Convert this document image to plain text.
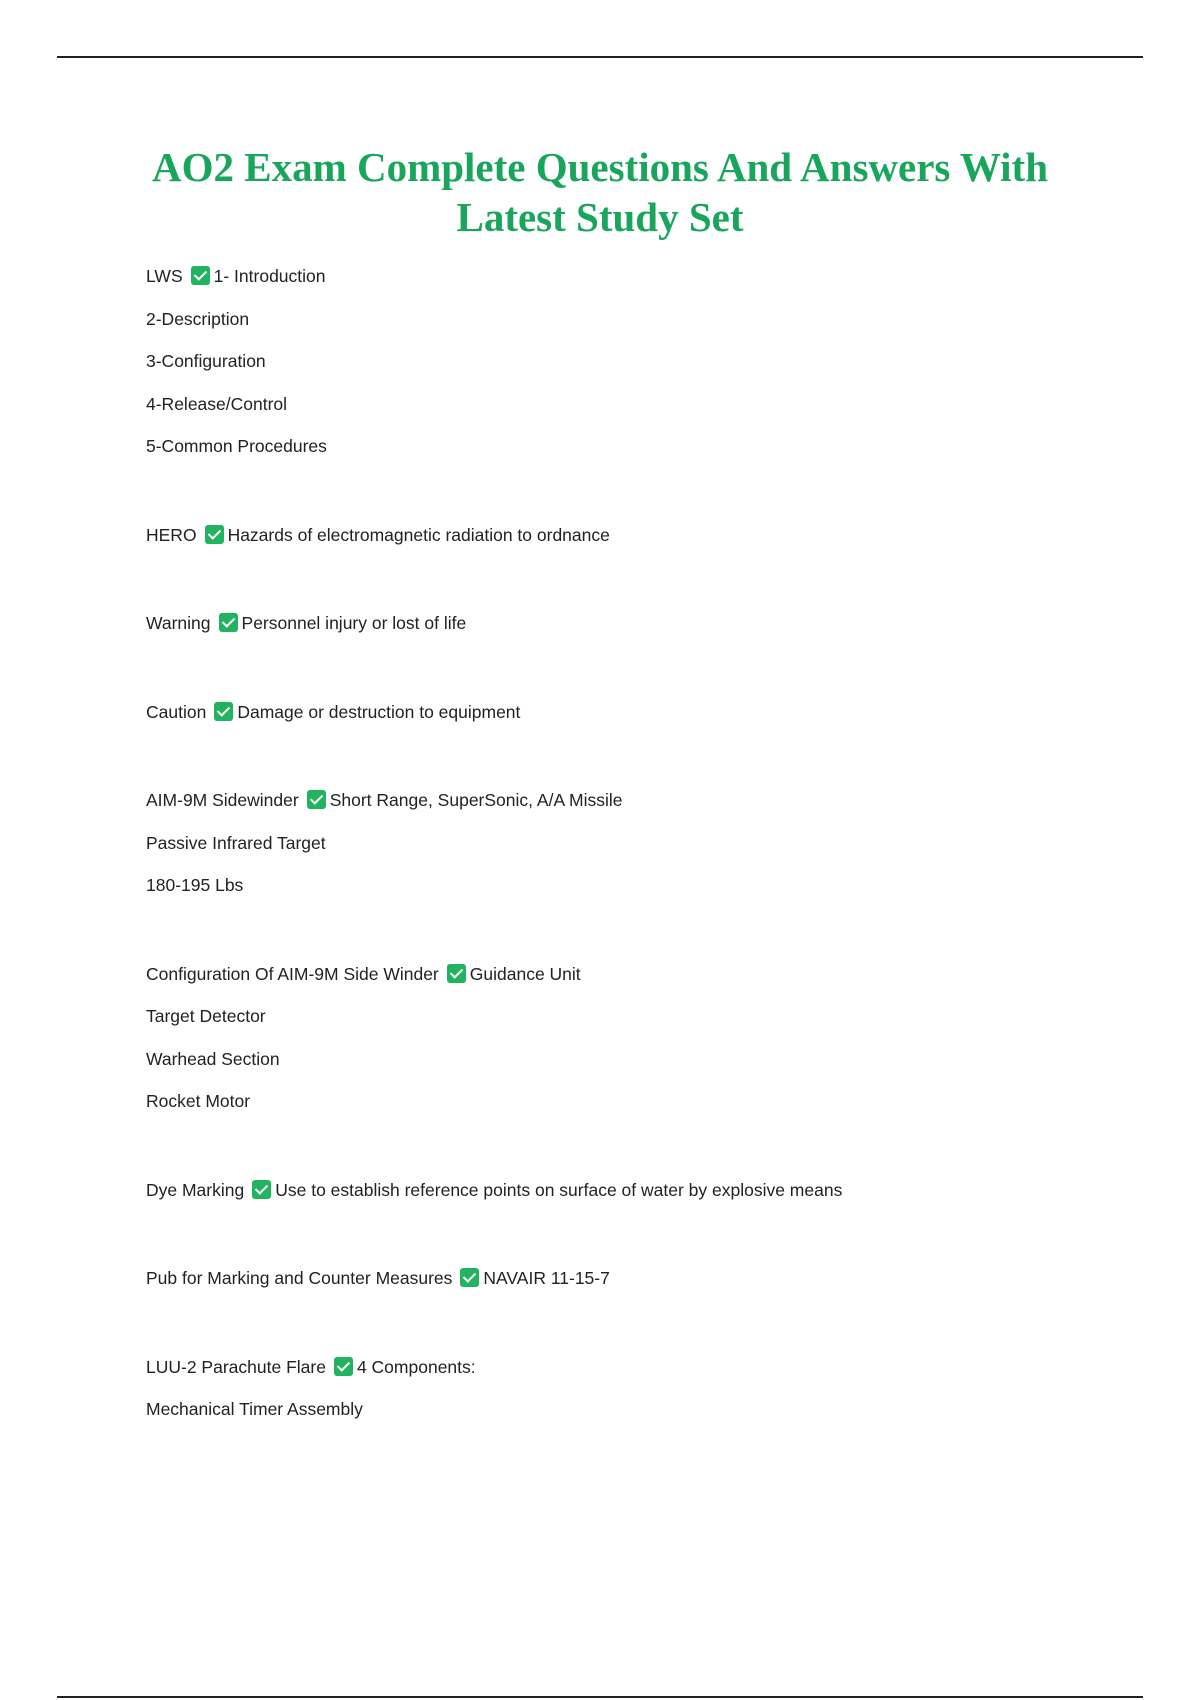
AO2 Exam Complete Questions And Answers With Latest Study Set
LWS 1- Introduction
2-Description
3-Configuration
4-Release/Control
5-Common Procedures
HERO Hazards of electromagnetic radiation to ordnance
Warning Personnel injury or lost of life
Caution Damage or destruction to equipment
AIM-9M Sidewinder Short Range, SuperSonic, A/A Missile
Passive Infrared Target
180-195 Lbs
Configuration Of AIM-9M Side Winder Guidance Unit
Target Detector
Warhead Section
Rocket Motor
Dye Marking Use to establish reference points on surface of water by explosive means
Pub for Marking and Counter Measures NAVAIR 11-15-7
LUU-2 Parachute Flare 4 Components:
Mechanical Timer Assembly
